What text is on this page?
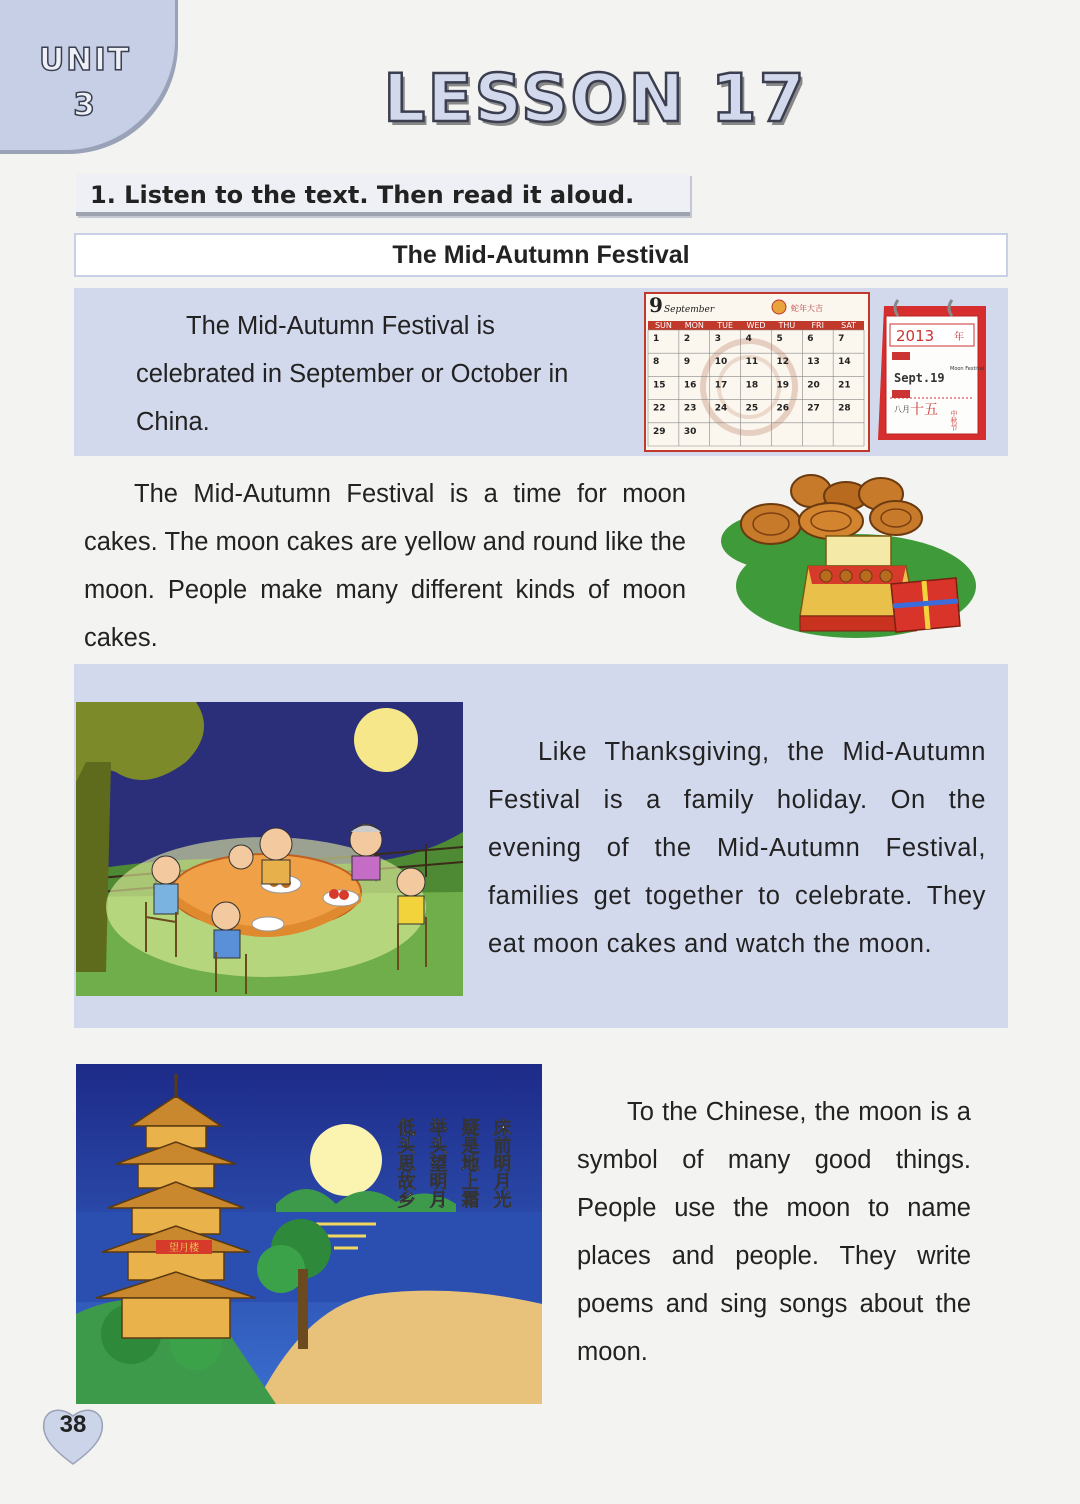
UNIT
3	LESSON 17
1. Listen to the text. Then read it aloud.
The Mid-Autumn Festival
The Mid-Autumn Festival is celebrated in September or October in China.
9 September	蛇年大吉
SUN MON TUE WED THU FRI SAT
1	2	3	4	5	6	7
8	9	10 11 12 13 14
15 16 17 18 19 20 21
22 23 24 25 26 27 28
29 30
2013 年
Sept.19
Moon Festival
八月 十五 中秋节
The Mid-Autumn Festival is a time for moon cakes. The moon cakes are yellow and round like the moon. People make many different kinds of moon cakes.
Like Thanksgiving, the Mid-Autumn Festival is a family holiday. On the evening of the Mid-Autumn Festival, families get together to celebrate. They eat moon cakes and watch the moon.
望月楼
床前明月光
疑是地上霜
举头望明月
低头思故乡
To the Chinese, the moon is a symbol of many good things. People use the moon to name places and people. They write poems and sing songs about the moon.
38
